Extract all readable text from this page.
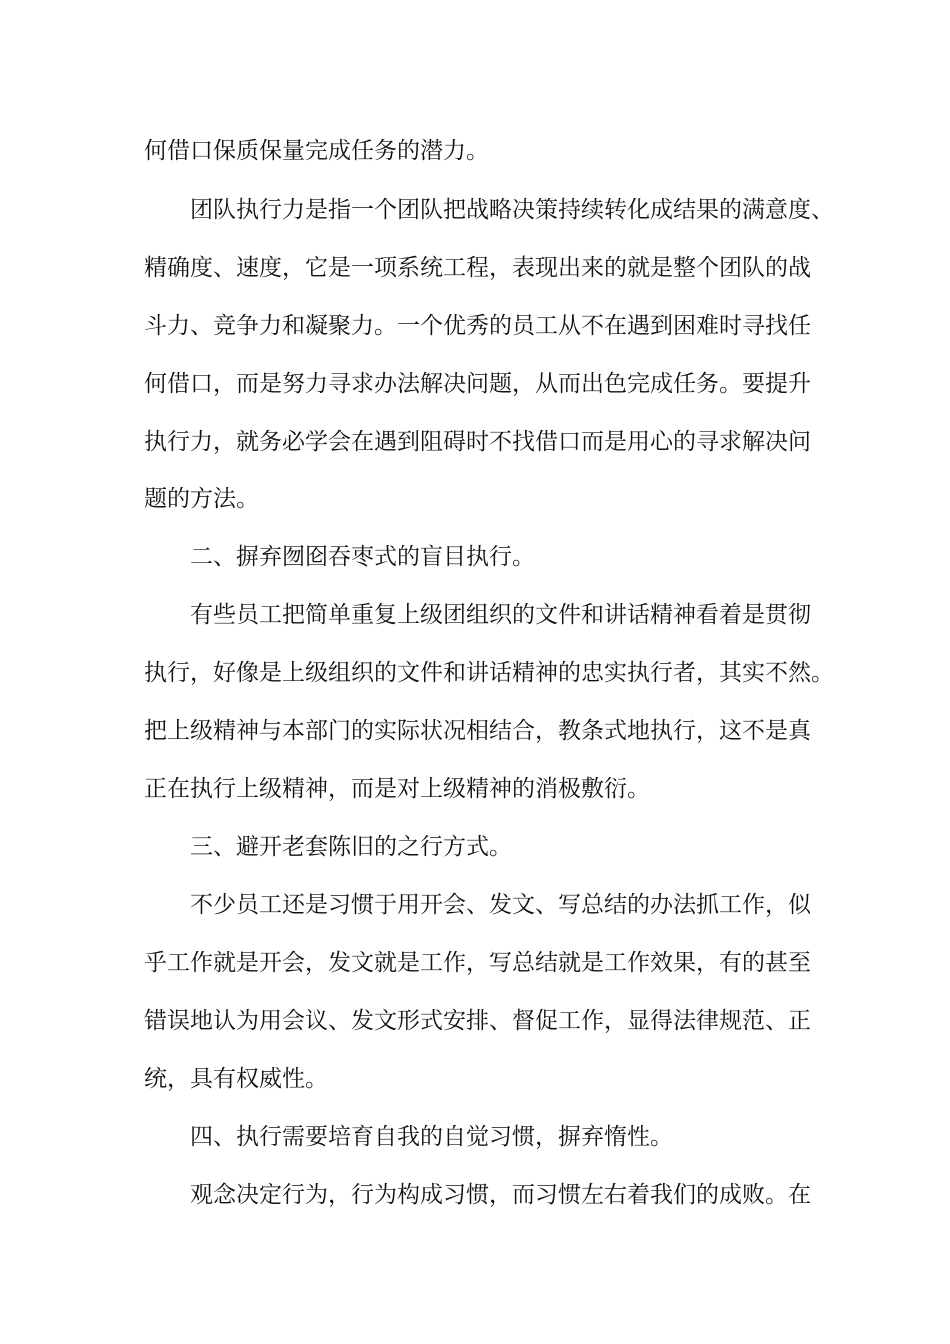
何借口保质保量完成任务的潜力。
团队执行力是指一个团队把战略决策持续转化成结果的满意度、
精确度、速度，它是一项系统工程，表现出来的就是整个团队的战
斗力、竞争力和凝聚力。一个优秀的员工从不在遇到困难时寻找任
何借口，而是努力寻求办法解决问题，从而出色完成任务。要提升
执行力，就务必学会在遇到阻碍时不找借口而是用心的寻求解决问
题的方法。
二、摒弃囫囵吞枣式的盲目执行。
有些员工把简单重复上级团组织的文件和讲话精神看着是贯彻
执行，好像是上级组织的文件和讲话精神的忠实执行者，其实不然。
把上级精神与本部门的实际状况相结合，教条式地执行，这不是真
正在执行上级精神，而是对上级精神的消极敷衍。
三、避开老套陈旧的之行方式。
不少员工还是习惯于用开会、发文、写总结的办法抓工作，似
乎工作就是开会，发文就是工作，写总结就是工作效果，有的甚至
错误地认为用会议、发文形式安排、督促工作，显得法律规范、正
统，具有权威性。
四、执行需要培育自我的自觉习惯，摒弃惰性。
观念决定行为，行为构成习惯，而习惯左右着我们的成败。在
